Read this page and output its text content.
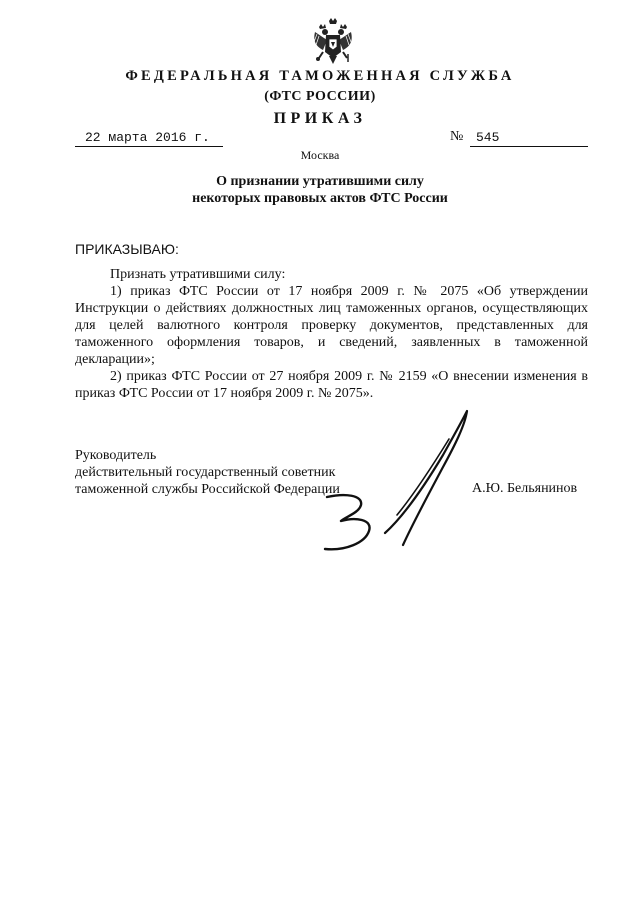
ФЕДЕРАЛЬНАЯ ТАМОЖЕННАЯ СЛУЖБА
(ФТС РОССИИ)
ПРИКАЗ
22 марта 2016 г.	№ 545
Москва
О признании утратившими силу
некоторых правовых актов ФТС России
ПРИКАЗЫВАЮ:

Признать утратившими силу:

1) приказ ФТС России от 17 ноября 2009 г. № 2075 «Об утверждении Инструкции о действиях должностных лиц таможенных органов, осуществляющих для целей валютного контроля проверку документов, представленных для таможенного оформления товаров, и сведений, заявленных в таможенной декларации»;

2) приказ ФТС России от 27 ноября 2009 г. № 2159 «О внесении изменения в приказ ФТС России от 17 ноября 2009 г. № 2075».

Руководитель
действительный государственный советник
таможенной службы Российской Федерации	А.Ю. Бельянинов
